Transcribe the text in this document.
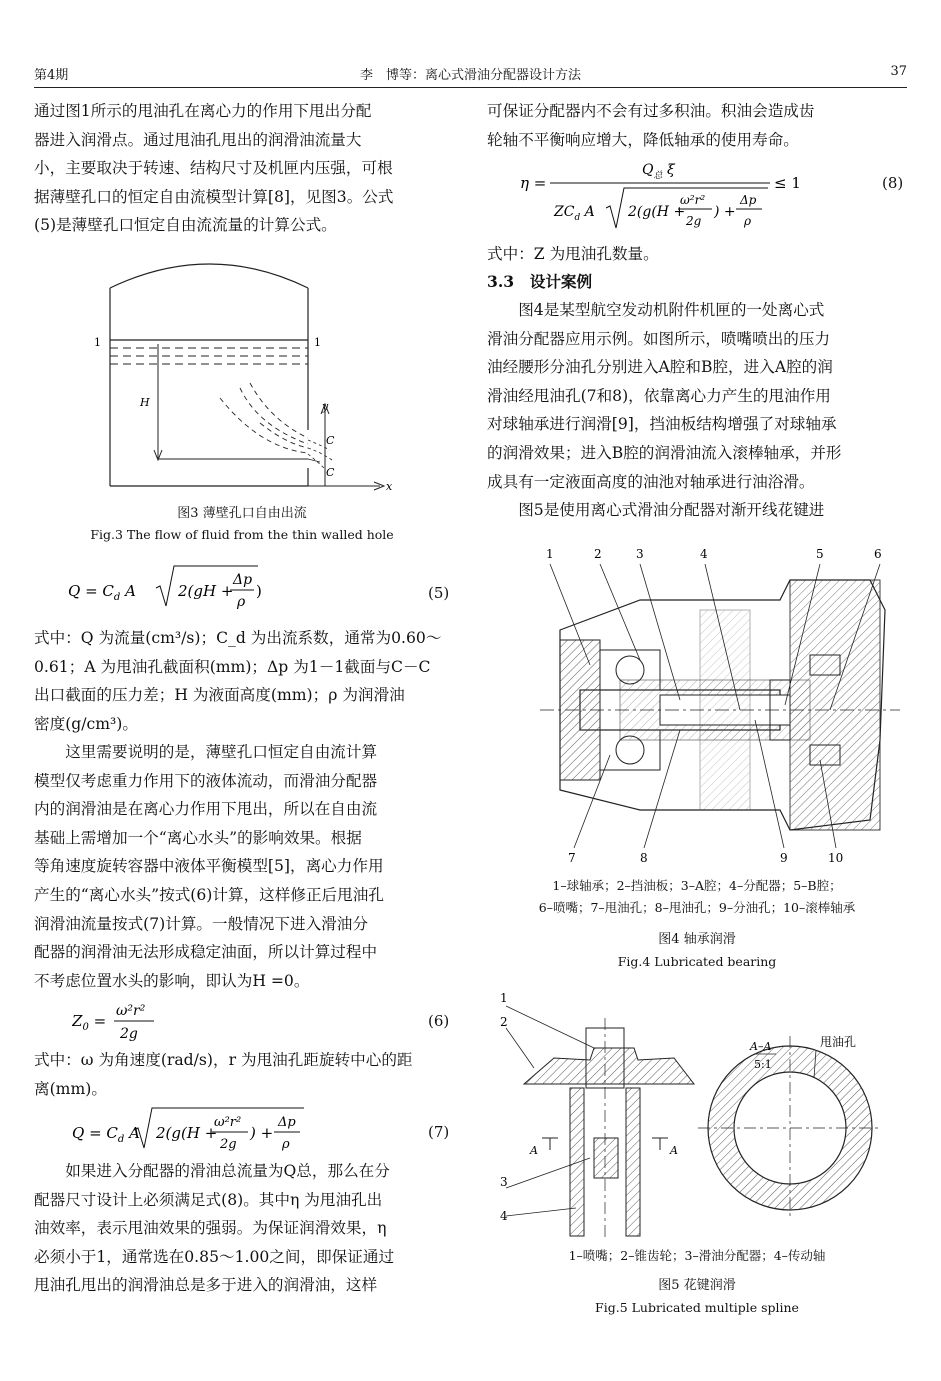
第4期	李　博等：离心式滑油分配器设计方法	37
通过图1所示的甩油孔在离心力的作用下甩出分配
器进入润滑点。通过甩油孔甩出的润滑油流量大
小，主要取决于转速、结构尺寸及机匣内压强，可根
据薄壁孔口的恒定自由流模型计算[8]，见图3。公式
(5)是薄壁孔口恒定自由流流量的计算公式。
1	1
H	y
C
C
x
图3 薄壁孔口自由出流
Fig.3 The flow of fluid from the thin walled hole
$Q = C_d$ A	2(gH +
Δp
ρ
)	(5)
式中：Q 为流量(cm³/s)；C_d 为出流系数，通常为0.60～
0.61；A 为甩油孔截面积(mm)；Δp 为1－1截面与C－C
出口截面的压力差；H 为液面高度(mm)；ρ 为润滑油
密度(g/cm³)。
　　这里需要说明的是，薄壁孔口恒定自由流计算
模型仅考虑重力作用下的液体流动，而滑油分配器
内的润滑油是在离心力作用下甩出，所以在自由流
基础上需增加一个“离心水头”的影响效果。根据
等角速度旋转容器中液体平衡模型[5]，离心力作用
产生的“离心水头”按式(6)计算，这样修正后甩油孔
润滑油流量按式(7)计算。一般情况下进入滑油分
配器的润滑油无法形成稳定油面，所以计算过程中
不考虑位置水头的影响，即认为H =0。
$Z_0$ =
ω²r²
2g
(6)
式中：ω 为角速度(rad/s)，r 为甩油孔距旋转中心的距
离(mm)。
$Q = C_d$ A 2(g(H +
ω²r²
2g
) +
Δp
ρ
(7)
　　如果进入分配器的滑油总流量为Q总，那么在分
配器尺寸设计上必须满足式(8)。其中η 为甩油孔出
油效率，表示甩油效果的强弱。为保证润滑效果，η
必须小于1，通常选在0.85～1.00之间，即保证通过
甩油孔甩出的润滑油总是多于进入的润滑油，这样
可保证分配器内不会有过多积油。积油会造成齿
轮轴不平衡响应增大，降低轴承的使用寿命。
η =
$Q_总$ ξ
$ZC_d$ A 2(g(H +
ω²r²
2g
) +
Δp
ρ
≤ 1	(8)
式中：Z 为甩油孔数量。
3.3　设计案例
　　图4是某型航空发动机附件机匣的一处离心式
滑油分配器应用示例。如图所示，喷嘴喷出的压力
油经腰形分油孔分别进入A腔和B腔，进入A腔的润
滑油经甩油孔(7和8)，依靠离心力产生的甩油作用
对球轴承进行润滑[9]，挡油板结构增强了对球轴承
的润滑效果；进入B腔的润滑油流入滚棒轴承，并形
成具有一定液面高度的油池对轴承进行油浴滑。
　　图5是使用离心式滑油分配器对渐开线花键进
1	2	3	4	5	6
7	8	9	10
1–球轴承；2–挡油板；3–A腔；4–分配器；5–B腔；
6–喷嘴；7–甩油孔；8–甩油孔；9–分油孔；10–滚棒轴承
图4 轴承润滑
Fig.4 Lubricated bearing
1
2
3
4
A	A
A–A
5:1
甩油孔
1–喷嘴；2–锥齿轮；3–滑油分配器；4–传动轴
图5 花键润滑
Fig.5 Lubricated multiple spline
